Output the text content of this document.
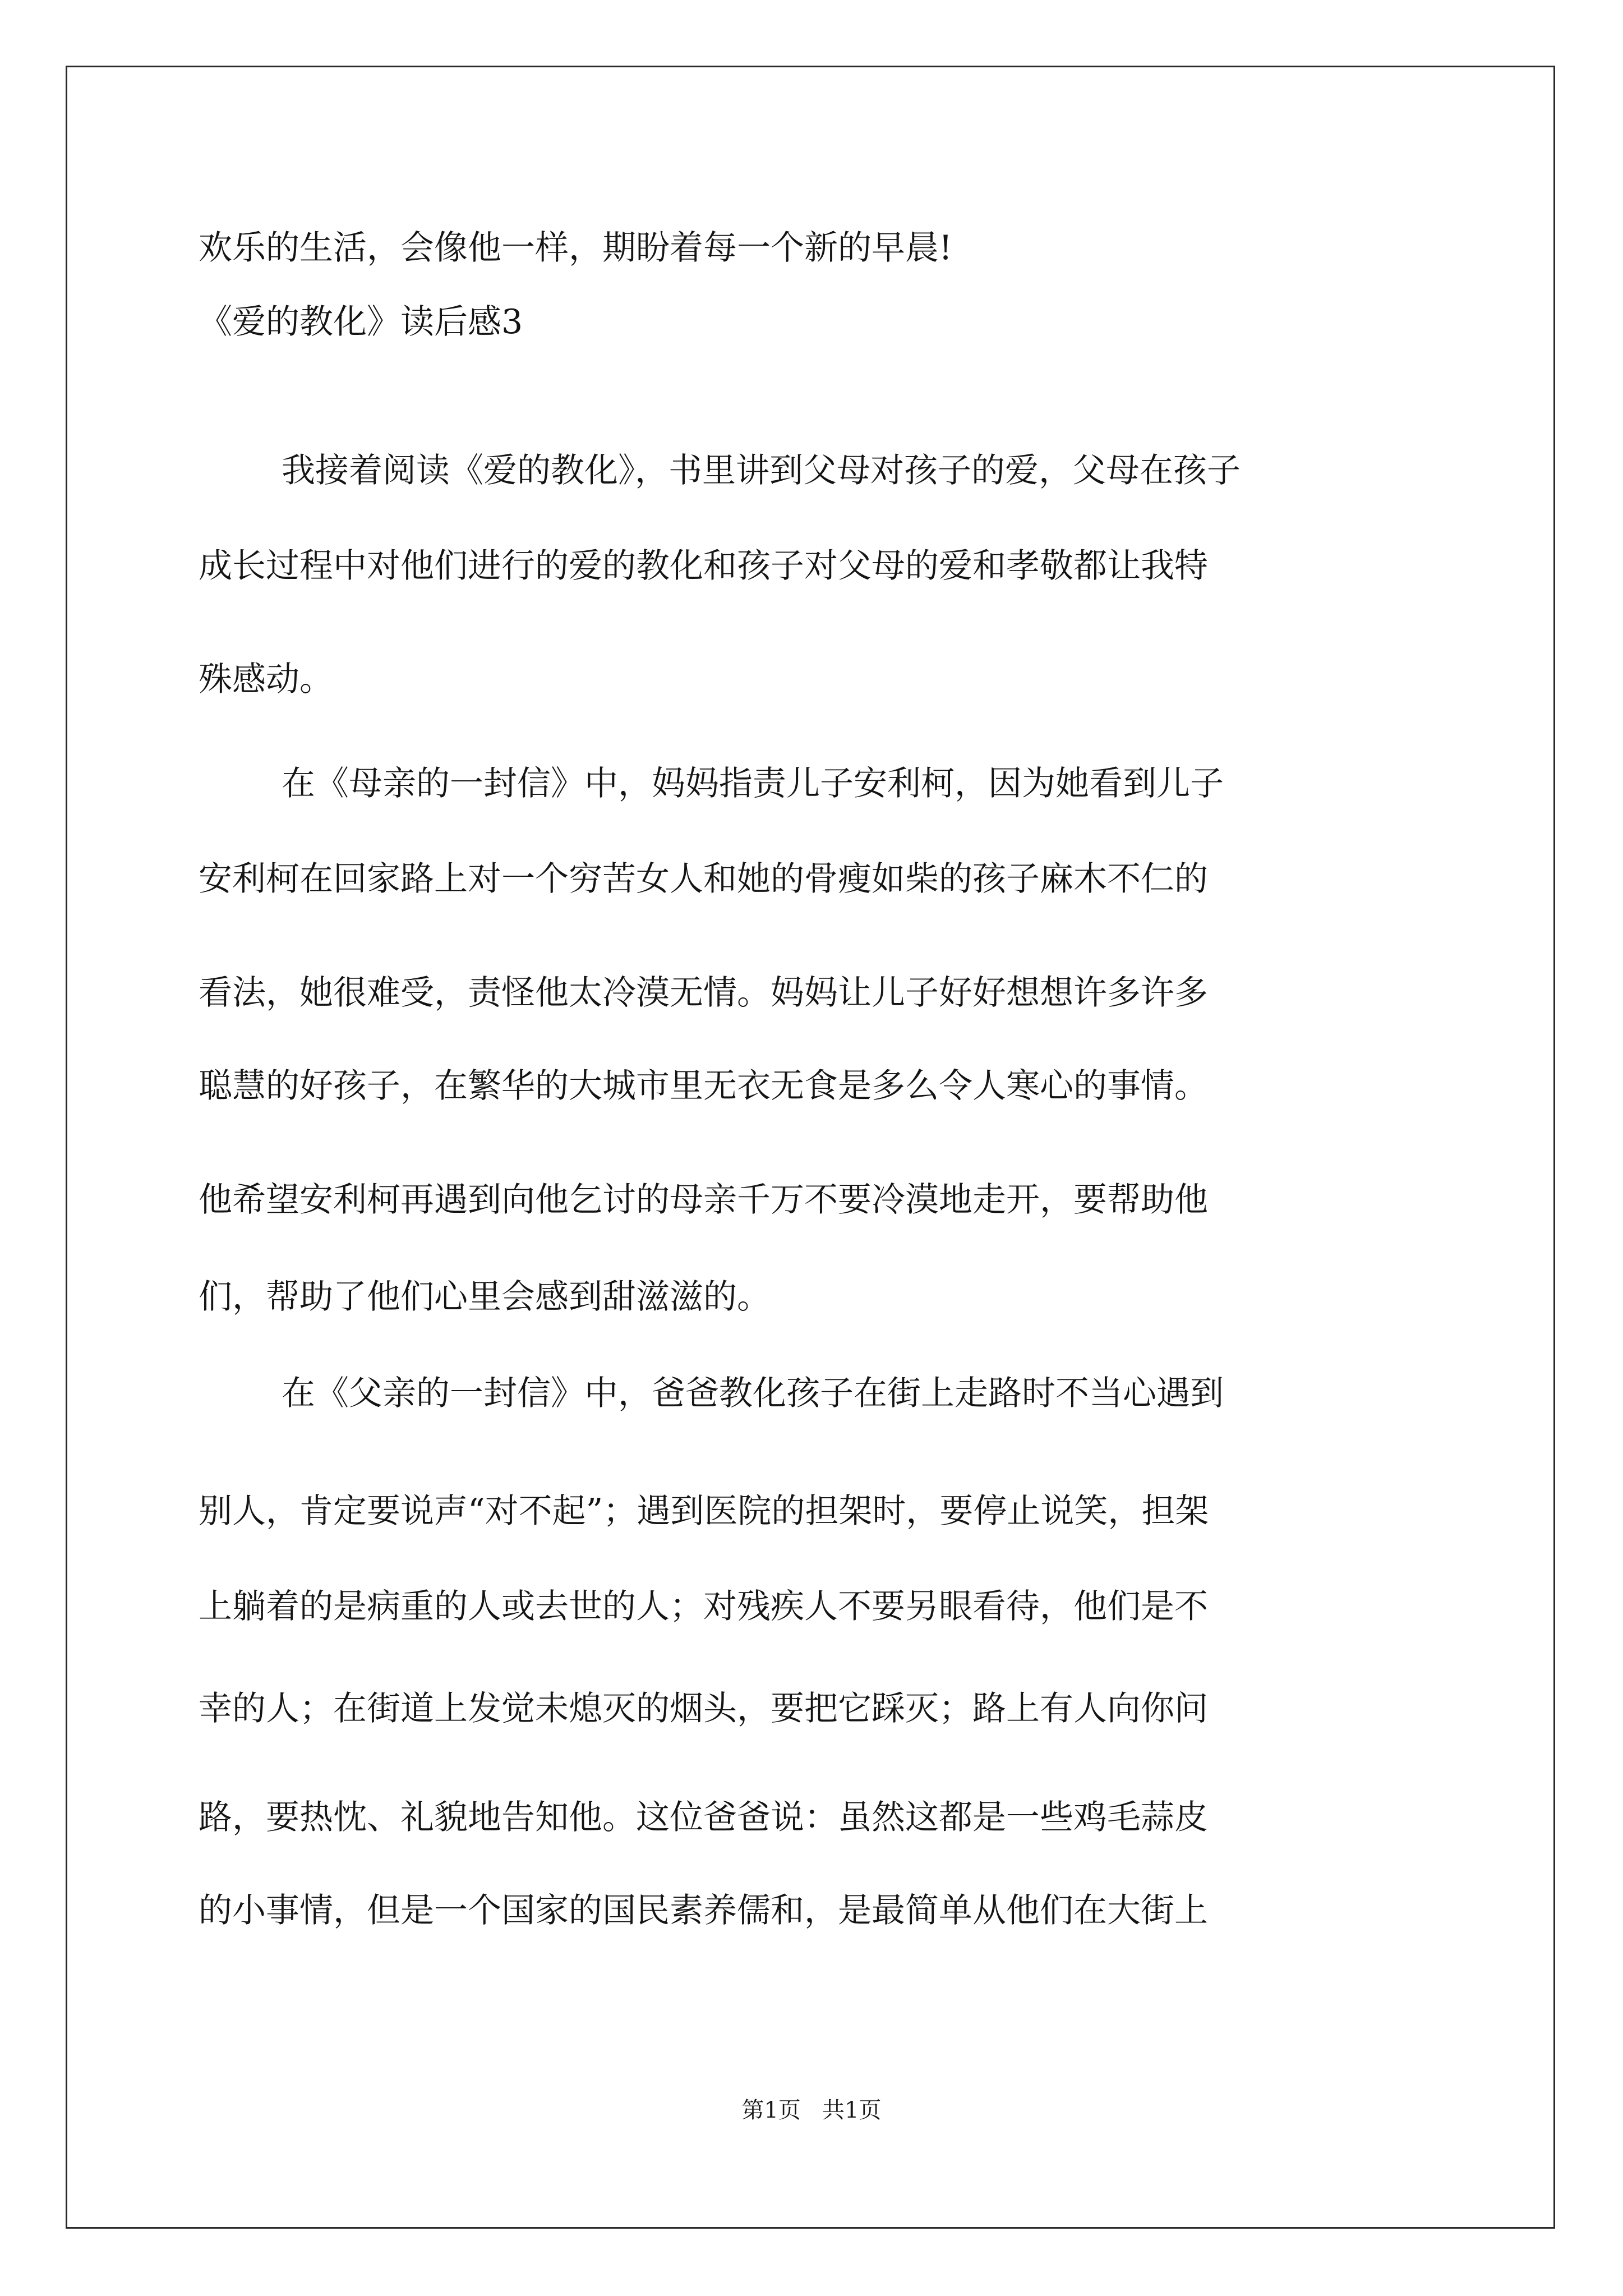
欢乐的生活，会像他一样，期盼着每一个新的早晨!

《爱的教化》读后感3

我接着阅读《爱的教化》，书里讲到父母对孩子的爱，父母在孩子

成长过程中对他们进行的爱的教化和孩子对父母的爱和孝敬都让我特

殊感动。

在《母亲的一封信》中，妈妈指责儿子安利柯，因为她看到儿子

安利柯在回家路上对一个穷苦女人和她的骨瘦如柴的孩子麻木不仁的

看法，她很难受，责怪他太冷漠无情。妈妈让儿子好好想想许多许多

聪慧的好孩子，在繁华的大城市里无衣无食是多么令人寒心的事情。

他希望安利柯再遇到向他乞讨的母亲千万不要冷漠地走开，要帮助他

们，帮助了他们心里会感到甜滋滋的。

在《父亲的一封信》中，爸爸教化孩子在街上走路时不当心遇到

别人，肯定要说声“对不起”；遇到医院的担架时，要停止说笑，担架

上躺着的是病重的人或去世的人；对残疾人不要另眼看待，他们是不

幸的人；在街道上发觉未熄灭的烟头，要把它踩灭；路上有人向你问

路，要热忱、礼貌地告知他。这位爸爸说：虽然这都是一些鸡毛蒜皮

的小事情，但是一个国家的国民素养儒和，是最简单从他们在大街上

第1页   共1页
